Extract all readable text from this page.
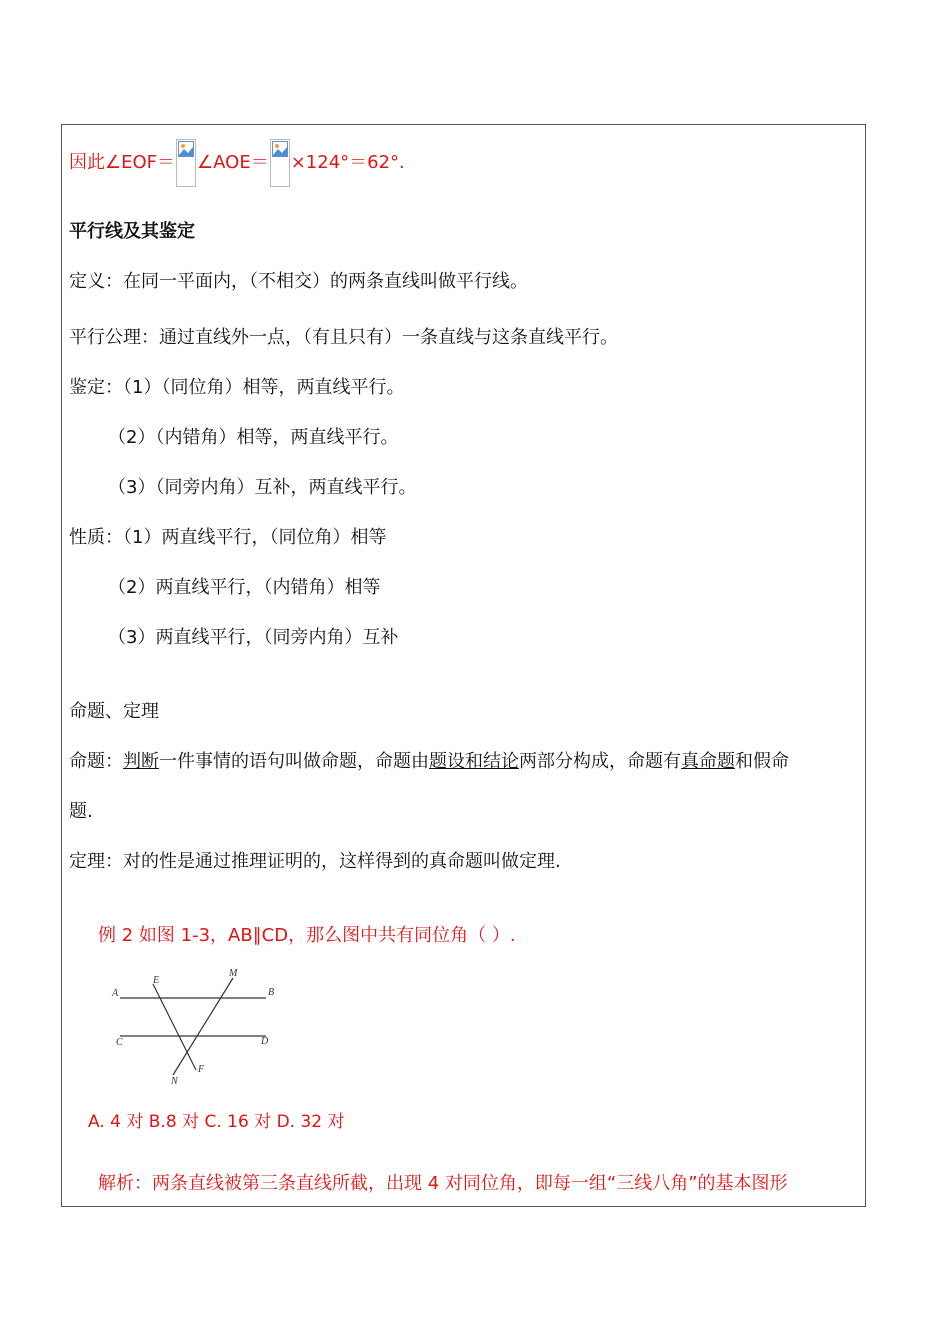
因此∠EOF＝ ∠AOE＝ ×124°＝62°.
平行线及其鉴定
定义：在同一平面内，（不相交）的两条直线叫做平行线。
平行公理：通过直线外一点，（有且只有）一条直线与这条直线平行。
鉴定：（1）（同位角）相等，两直线平行。
（2）（内错角）相等，两直线平行。
（3）（同旁内角）互补，两直线平行。
性质：（1）两直线平行，（同位角）相等
（2）两直线平行，（内错角）相等
（3）两直线平行，（同旁内角）互补
命题、定理
命题：判断一件事情的语句叫做命题，命题由题设和结论两部分构成，命题有真命题和假命
题.
定理：对的性是通过推理证明的，这样得到的真命题叫做定理.
例 2 如图 1-3，AB∥CD，那么图中共有同位角（ ）.
A	B
C	D
E
M
N
F
A. 4 对 B.8 对 C. 16 对 D. 32 对
解析：两条直线被第三条直线所截，出现 4 对同位角，即每一组“三线八角”的基本图形
